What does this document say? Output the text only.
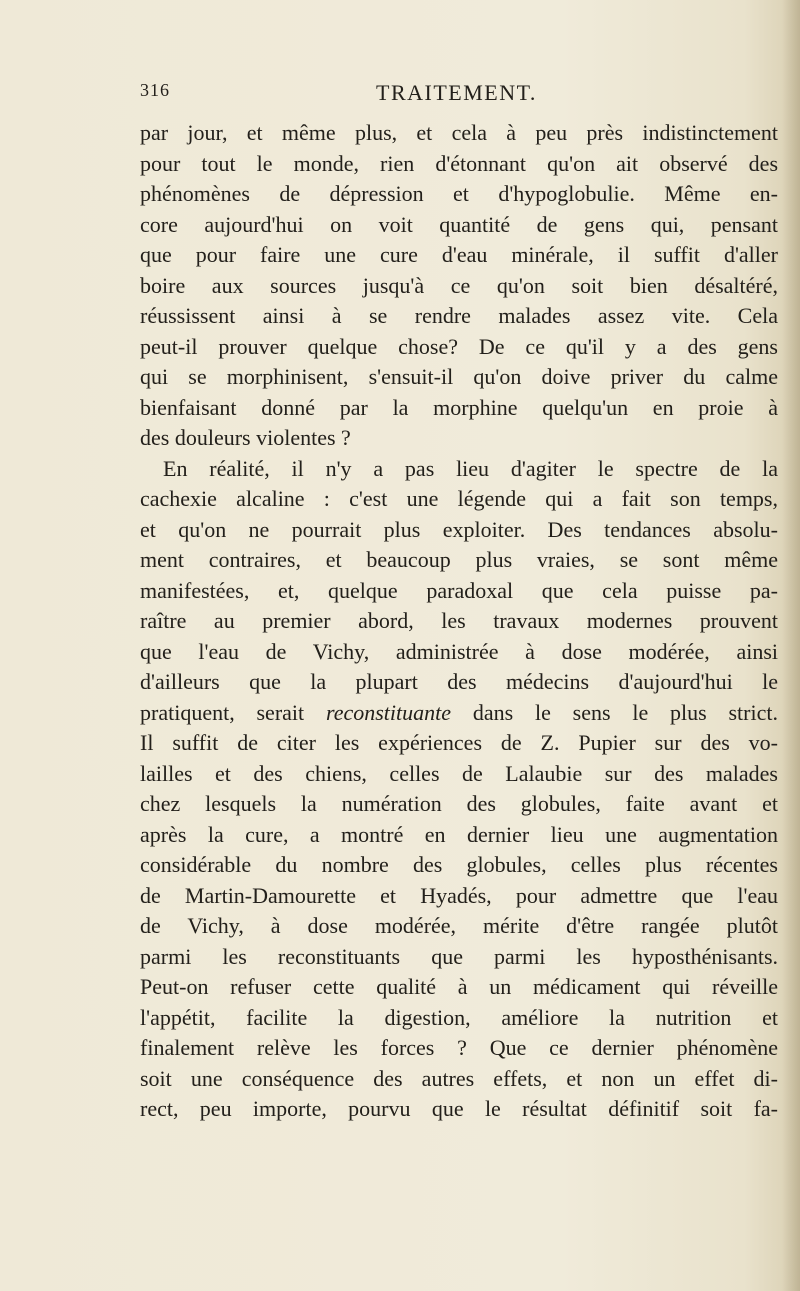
316	TRAITEMENT.
par jour, et même plus, et cela à peu près indistinctement
pour tout le monde, rien d'étonnant qu'on ait observé des
phénomènes de dépression et d'hypoglobulie. Même en-
core aujourd'hui on voit quantité de gens qui, pensant
que pour faire une cure d'eau minérale, il suffit d'aller
boire aux sources jusqu'à ce qu'on soit bien désaltéré,
réussissent ainsi à se rendre malades assez vite. Cela
peut-il prouver quelque chose? De ce qu'il y a des gens
qui se morphinisent, s'ensuit-il qu'on doive priver du calme
bienfaisant donné par la morphine quelqu'un en proie à
des douleurs violentes ?
En réalité, il n'y a pas lieu d'agiter le spectre de la
cachexie alcaline : c'est une légende qui a fait son temps,
et qu'on ne pourrait plus exploiter. Des tendances absolu-
ment contraires, et beaucoup plus vraies, se sont même
manifestées, et, quelque paradoxal que cela puisse pa-
raître au premier abord, les travaux modernes prouvent
que l'eau de Vichy, administrée à dose modérée, ainsi
d'ailleurs que la plupart des médecins d'aujourd'hui le
pratiquent, serait reconstituante dans le sens le plus strict.
Il suffit de citer les expériences de Z. Pupier sur des vo-
lailles et des chiens, celles de Lalaubie sur des malades
chez lesquels la numération des globules, faite avant et
après la cure, a montré en dernier lieu une augmentation
considérable du nombre des globules, celles plus récentes
de Martin-Damourette et Hyadés, pour admettre que l'eau
de Vichy, à dose modérée, mérite d'être rangée plutôt
parmi les reconstituants que parmi les hyposthénisants.
Peut-on refuser cette qualité à un médicament qui réveille
l'appétit, facilite la digestion, améliore la nutrition et
finalement relève les forces ? Que ce dernier phénomène
soit une conséquence des autres effets, et non un effet di-
rect, peu importe, pourvu que le résultat définitif soit fa-
